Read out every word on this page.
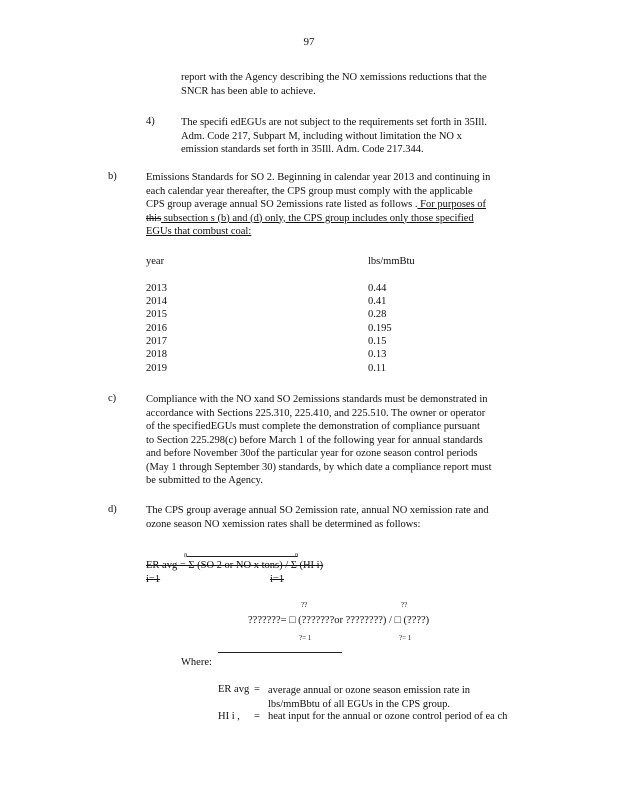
97
report with the Agency describing the NO xemissions reductions that the
SNCR has been able to achieve.
4)	The specifi edEGUs are not subject to the requirements set forth in 35Ill.
Adm. Code 217, Subpart M, including without limitation the NO x
emission standards set forth in 35Ill. Adm. Code 217.344.
b)	Emissions Standards for SO 2. Beginning in calendar year 2013 and continuing in
each calendar year thereafter, the CPS group must comply with the applicable
CPS group average annual SO 2emissions rate listed as follows . For purposes of
this subsection s (b) and (d) only, the CPS group includes only those specified
EGUs that combust coal:
year	lbs/mmBtu
2013	0.44
2014	0.41
2015	0.28
2016	0.195
2017	0.15
2018	0.13
2019	0.11
c)	Compliance with the NO xand SO 2emissions standards must be demonstrated in
accordance with Sections 225.310, 225.410, and 225.510. The owner or operator
of the specifiedEGUs must complete the demonstration of compliance pursuant
to Section 225.298(c) before March 1 of the following year for annual standards
and before November 30of the particular year for ozone season control periods
(May 1 through September 30) standards, by which date a compliance report must
be submitted to the Agency.
d)	The CPS group average annual SO 2emission rate, annual NO xemission rate and
ozone season NO xemission rates shall be determined as follows:
n	n
ER avg = Σ (SO 2 or NO x tons) / Σ (HI i)
i=1	i=1
??	??
???????= □ (???????or ????????) / □ (????)
?= 1	?= 1
Where:
ER avg = average annual or ozone season emission rate in
lbs/mmBbtu of all EGUs in the CPS group.
HI i , = heat input for the annual or ozone control period of ea ch
